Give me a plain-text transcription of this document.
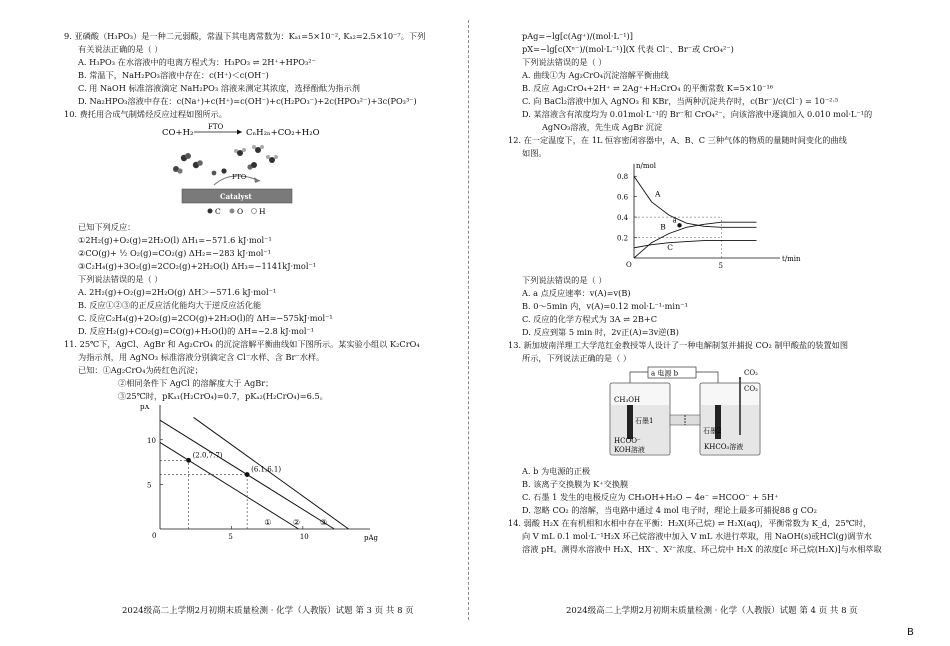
9. 亚磷酸（H₃PO₃）是一种二元弱酸，常温下其电离常数为：Kₐ₁=5×10⁻², Kₐ₂=2.5×10⁻⁷。下列
有关说法正确的是（ ）
A. H₃PO₃ 在水溶液中的电离方程式为：H₃PO₃ ⇌ 2H⁺+HPO₃²⁻
B. 常温下，NaH₂PO₃溶液中存在：c(H⁺)＜c(OH⁻)
C. 用 NaOH 标准溶液滴定 NaH₂PO₃ 溶液来测定其浓度，选择酚酞为指示剂
D. Na₂HPO₃溶液中存在：c(Na⁺)+c(H⁺)=c(OH⁻)+c(H₂PO₃⁻)+2c(HPO₃²⁻)+3c(PO₃³⁻)
10. 费托用合成气制烯烃反应过程如图所示。
CO+H₂
FTO
CₙH₂ₙ+CO₂+H₂O
FTO
Catalyst
C O H
已知下列反应：
①2H₂(g)+O₂(g)=2H₂O(l) ΔH₁=−571.6 kJ·mol⁻¹
②CO(g)+ ½ O₂(g)=CO₂(g) ΔH₂=−283 kJ·mol⁻¹
③C₂H₄(g)+3O₂(g)=2CO₂(g)+2H₂O(l) ΔH₃=−1141kJ·mol⁻¹
下列说法错误的是（ ）
A. 2H₂(g)+O₂(g)=2H₂O(g) ΔH＞−571.6 kJ·mol⁻¹
B. 反应①②③的正反应活化能均大于逆反应活化能
C. 反应C₂H₄(g)+2O₂(g)=2CO(g)+2H₂O(l)的 ΔH=−575kJ·mol⁻¹
D. 反应H₂(g)+CO₂(g)=CO(g)+H₂O(l)的 ΔH=−2.8 kJ·mol⁻¹
11. 25℃下，AgCl、AgBr 和 Ag₂CrO₄ 的沉淀溶解平衡曲线如下图所示。某实验小组以 K₂CrO₄
为指示剂，用 AgNO₃ 标准溶液分别滴定含 Cl⁻水样、含 Br⁻水样。
已知：①Ag₂CrO₄为砖红色沉淀；
②相同条件下 AgCl 的溶解度大于 AgBr；
③25℃时，pKₐ₁(H₂CrO₄)=0.7，pKₐ₂(H₂CrO₄)=6.5。
pAg
pX
0	5	10
5
10
(2.0,7.7)
(6.1,6.1)
①	② ③
pAg=−lg[c(Ag⁺)/(mol·L⁻¹)]
pX=−lg[c(Xⁿ⁻)/(mol·L⁻¹)](X 代表 Cl⁻、Br⁻或 CrO₄²⁻)
下列说法错误的是（ ）
A. 曲线①为 Ag₂CrO₄沉淀溶解平衡曲线
B. 反应 Ag₂CrO₄+2H⁺ ⇌ 2Ag⁺+H₂CrO₄ 的平衡常数 K=5×10⁻¹⁶
C. 向 BaCl₂溶液中加入 AgNO₃ 和 KBr，当两种沉淀共存时，c(Br⁻)/c(Cl⁻) = 10⁻²·⁵
D. 某溶液含有浓度均为 0.01mol·L⁻¹的 Br⁻和 CrO₄²⁻，向该溶液中逐滴加入 0.010 mol·L⁻¹的
AgNO₃溶液，先生成 AgBr 沉淀
12. 在一定温度下，在 1L 恒容密闭容器中，A、B、C 三种气体的物质的量随时间变化的曲线
如图。
t/min
n/mol
O
0.2
0.4
0.6
0.8
5
A
B
C
a
下列说法错误的是（ ）
A. a 点反应速率：v(A)=v(B)
B. 0～5min 内，v(A)=0.12 mol·L⁻¹·min⁻¹
C. 反应的化学方程式为 3A ⇌ 2B+C
D. 反应到第 5 min 时，2v正(A)=3v逆(B)
13. 新加坡南洋理工大学范红金教授等人设计了一种电解制氢并捕捉 CO₂ 制甲酸盐的装置如图
所示，下列说法正确的是（ ）
a 电源 b
CH₃OH
石墨1
HCOO⁻
KOH溶液
石墨2
KHCO₃溶液
CO₂
CO₂
A. b 为电源的正极
B. 该离子交换膜为 K⁺交换膜
C. 石墨 1 发生的电极反应为 CH₃OH+H₂O − 4e⁻ =HCOO⁻ + 5H⁺
D. 忽略 CO₂ 的溶解，当电路中通过 4 mol 电子时，理论上最多可捕捉88 g CO₂
14. 弱酸 H₂X 在有机相和水相中存在平衡：H₂X(环己烷) ⇌ H₂X(aq)，平衡常数为 K_d，25℃时，
向 V mL 0.1 mol·L⁻¹H₂X 环己烷溶液中加入 V mL 水进行萃取，用 NaOH(s)或HCl(g)调节水
溶液 pH。测得水溶液中 H₂X、HX⁻、X²⁻浓度、环己烷中 H₂X 的浓度[c 环己烷(H₂X)]与水相萃取
2024级高二上学期2月初期末质量检测 · 化学（人教版）试题 第 3 页 共 8 页	2024级高二上学期2月初期末质量检测 · 化学（人教版）试题 第 4 页 共 8 页
B
